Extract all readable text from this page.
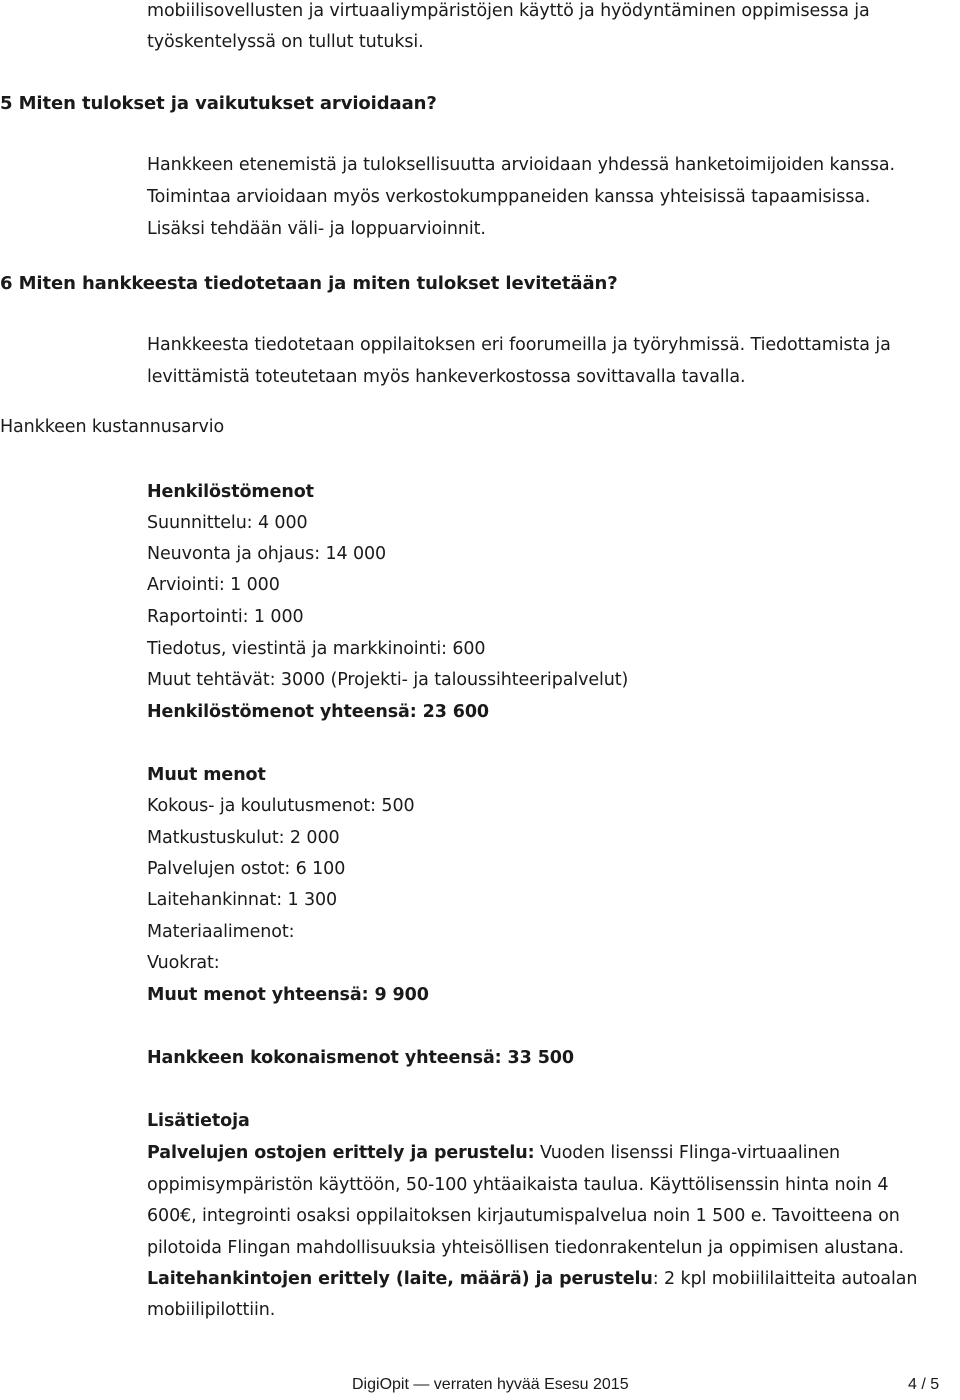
mobiilisovellusten ja virtuaaliympäristöjen käyttö ja hyödyntäminen oppimisessa ja
työskentelyssä on tullut tutuksi.
5 Miten tulokset ja vaikutukset arvioidaan?
Hankkeen etenemistä ja tuloksellisuutta arvioidaan yhdessä hanketoimijoiden kanssa.
Toimintaa arvioidaan myös verkostokumppaneiden kanssa yhteisissä tapaamisissa.
Lisäksi tehdään väli- ja loppuarvioinnit.
6 Miten hankkeesta tiedotetaan ja miten tulokset levitetään?
Hankkeesta tiedotetaan oppilaitoksen eri foorumeilla ja työryhmissä. Tiedottamista ja
levittämistä toteutetaan myös hankeverkostossa sovittavalla tavalla.
Hankkeen kustannusarvio
Henkilöstömenot
Suunnittelu: 4 000
Neuvonta ja ohjaus: 14 000
Arviointi: 1 000
Raportointi: 1 000
Tiedotus, viestintä ja markkinointi: 600
Muut tehtävät: 3000 (Projekti- ja taloussihteeripalvelut)
Henkilöstömenot yhteensä: 23 600
Muut menot
Kokous- ja koulutusmenot: 500
Matkustuskulut: 2 000
Palvelujen ostot: 6 100
Laitehankinnat: 1 300
Materiaalimenot:
Vuokrat:
Muut menot yhteensä: 9 900
Hankkeen kokonaismenot yhteensä: 33 500
Lisätietoja
Palvelujen ostojen erittely ja perustelu: Vuoden lisenssi Flinga-virtuaalinen
oppimisympäristön käyttöön, 50-100 yhtäaikaista taulua. Käyttölisenssin hinta noin 4
600€, integrointi osaksi oppilaitoksen kirjautumispalvelua noin 1 500 e. Tavoitteena on
pilotoida Flingan mahdollisuuksia yhteisöllisen tiedonrakentelun ja oppimisen alustana.
Laitehankintojen erittely (laite, määrä) ja perustelu: 2 kpl mobiililaitteita autoalan
mobiilipilottiin.
DigiOpit — verraten hyvää Esesu 2015	4 / 5
